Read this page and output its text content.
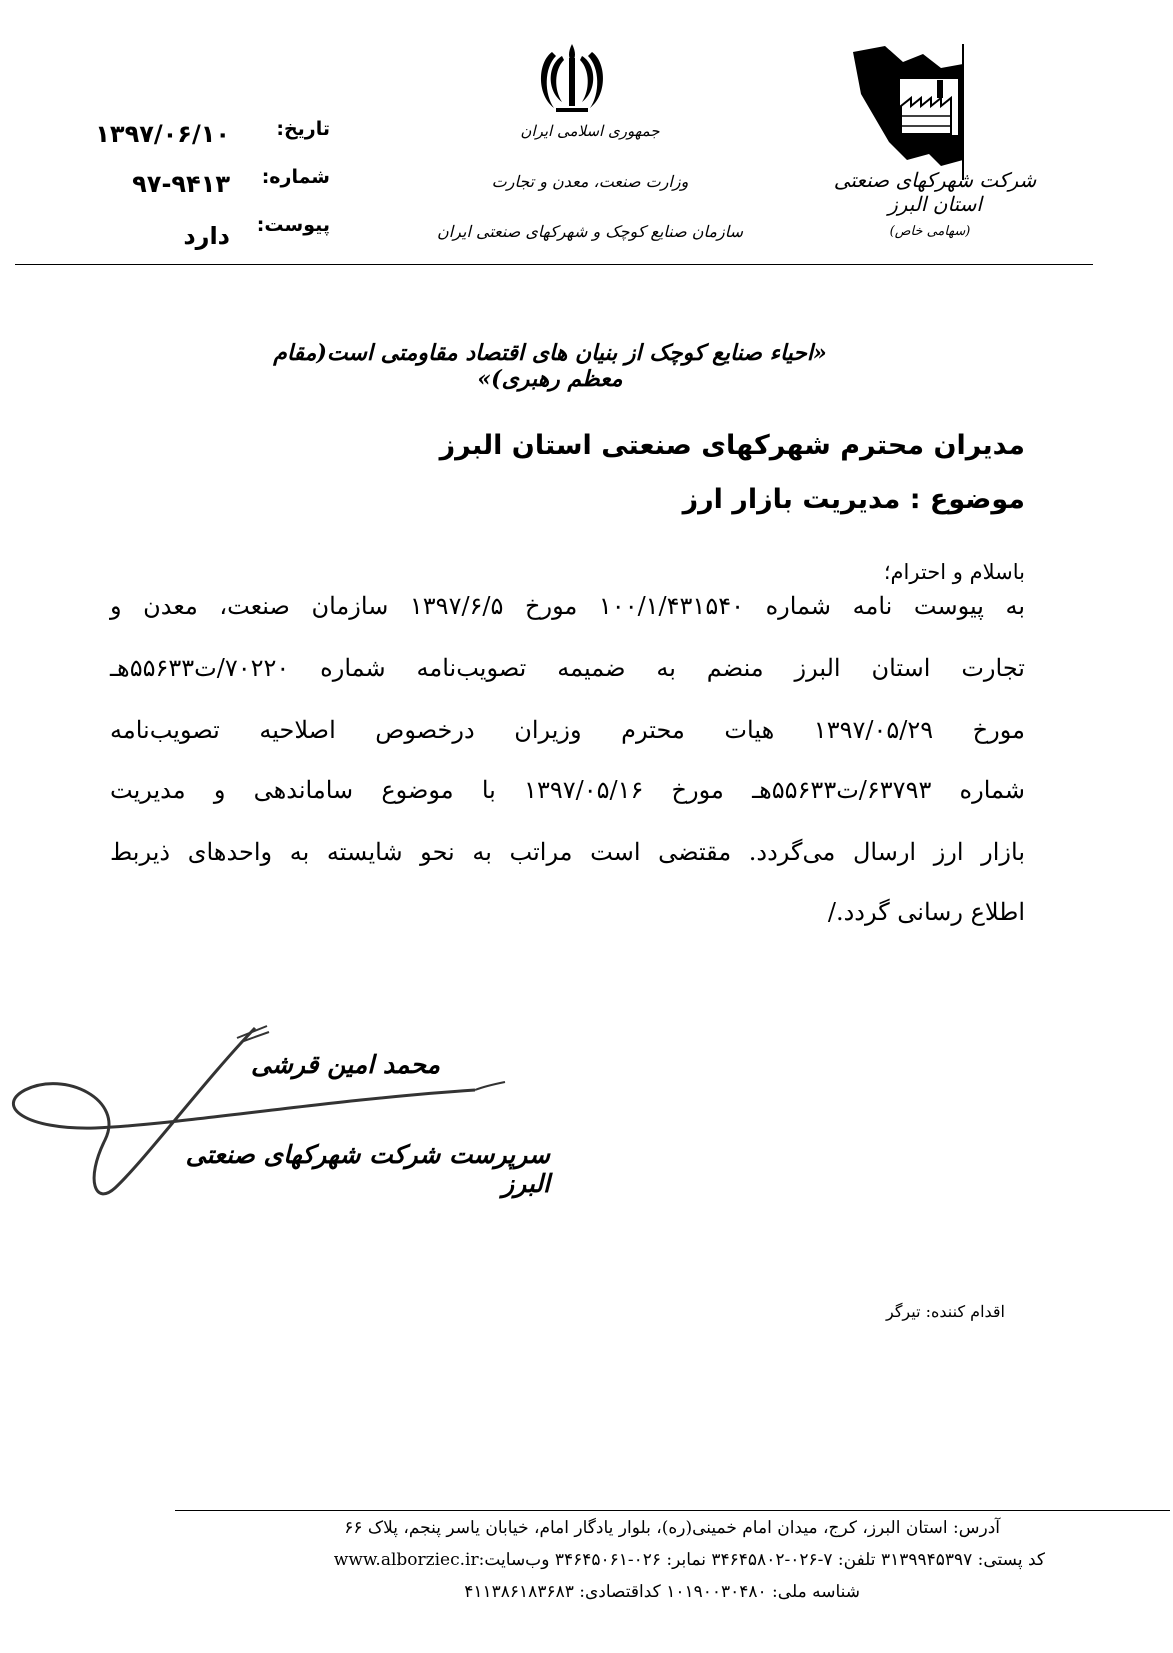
شرکت شهرکهای صنعتی استان البرز
(سهامی خاص)
جمهوری اسلامی ایران
وزارت صنعت، معدن و تجارت
سازمان صنایع کوچک و شهرکهای صنعتی ایران
تاریخ:
۱۳۹۷/۰۶/۱۰
شماره:
۹۷-۹۴۱۳
پیوست:
دارد
«احیاء صنایع کوچک از بنیان های اقتصاد مقاومتی است(مقام معظم رهبری)»
مدیران محترم شهرکهای صنعتی استان البرز
موضوع : مدیریت بازار ارز
باسلام و احترام؛
به پیوست نامه شماره ۱۰۰/۱/۴۳۱۵۴۰ مورخ ۱۳۹۷/۶/۵ سازمان صنعت، معدن و
تجارت استان البرز منضم به ضمیمه تصویب‌نامه شماره ۷۰۲۲۰/ت۵۵۶۳۳هـ
مورخ ۱۳۹۷/۰۵/۲۹ هیات محترم وزیران درخصوص اصلاحیه تصویب‌نامه
شماره ۶۳۷۹۳/ت۵۵۶۳۳هـ مورخ ۱۳۹۷/۰۵/۱۶ با موضوع ساماندهی و مدیریت
بازار ارز ارسال می‌گردد. مقتضی است مراتب به نحو شایسته به واحدهای ذیربط
اطلاع رسانی گردد./
محمد امین قرشی
سرپرست شرکت شهرکهای صنعتی البرز
اقدام کننده: تیرگر
آدرس: استان البرز، کرج، میدان امام خمینی(ره)، بلوار یادگار امام، خیابان یاسر پنجم، پلاک ۶۶
کد پستی: ۳۱۳۹۹۴۵۳۹۷ تلفن: ۷-۰۲۶-۳۴۶۴۵۸۰۲ نمابر: ۰۲۶-۳۴۶۴۵۰۶۱ وب‌سایت:www.alborziec.ir
شناسه ملی: ۱۰۱۹۰۰۳۰۴۸۰ کداقتصادی: ۴۱۱۳۸۶۱۸۳۶۸۳
